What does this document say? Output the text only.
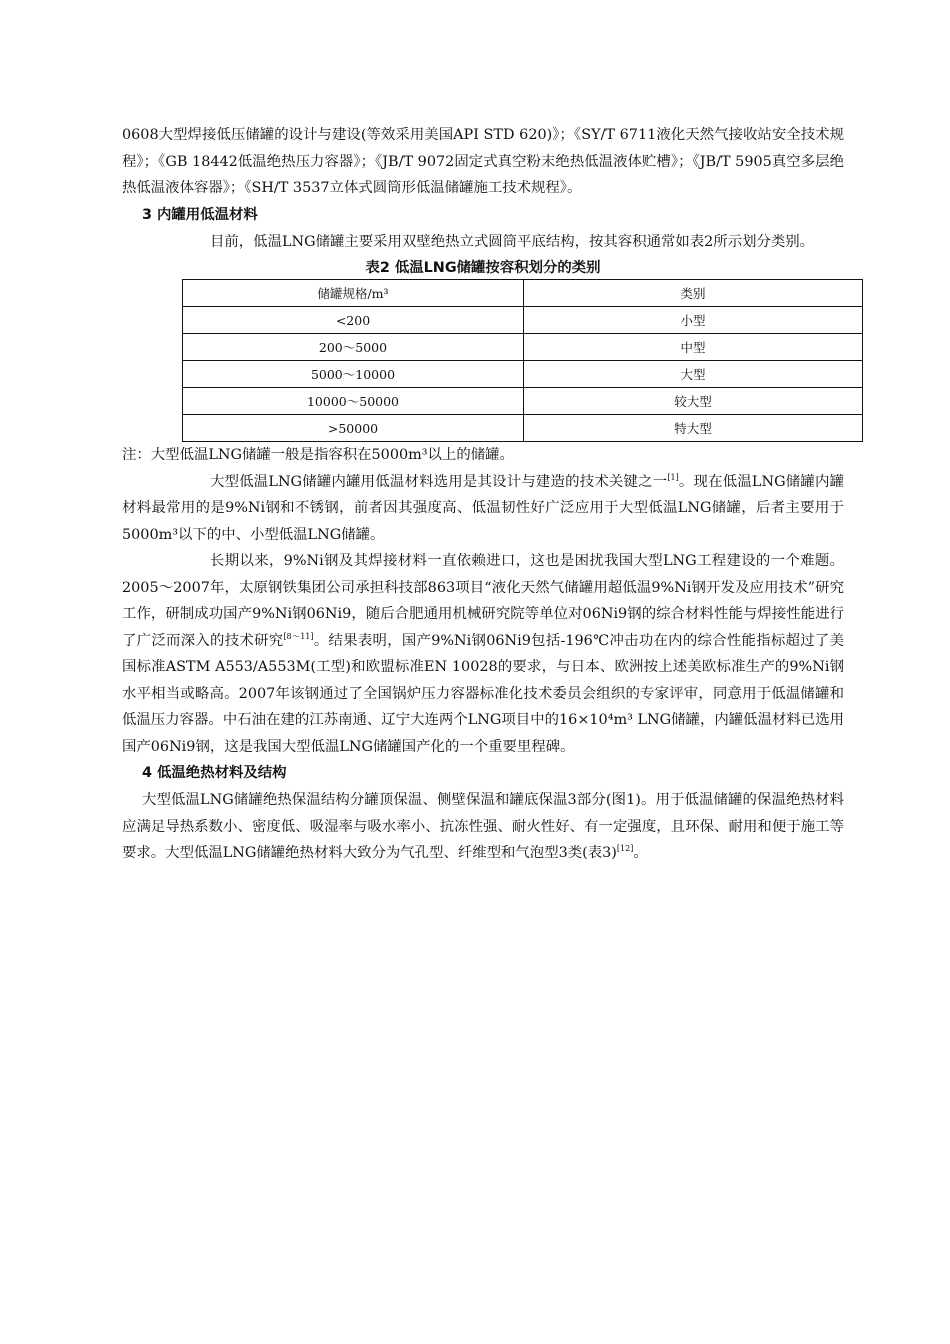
0608大型焊接低压储罐的设计与建设(等效采用美国API STD 620)》；《SY/T 6711液化天然气接收站安全技术规程》；《GB 18442低温绝热压力容器》；《JB/T 9072固定式真空粉末绝热低温液体贮槽》；《JB/T 5905真空多层绝热低温液体容器》；《SH/T 3537立体式圆筒形低温储罐施工技术规程》。

3 内罐用低温材料

目前，低温LNG储罐主要采用双壁绝热立式圆筒平底结构，按其容积通常如表2所示划分类别。

表2 低温LNG储罐按容积划分的类别
储罐规格/m³	类别
<200	小型
200～5000	中型
5000～10000	大型
10000～50000	较大型
>50000	特大型

注：大型低温LNG储罐一般是指容积在5000m³以上的储罐。

大型低温LNG储罐内罐用低温材料选用是其设计与建造的技术关键之一[1]。现在低温LNG储罐内罐材料最常用的是9%Ni钢和不锈钢，前者因其强度高、低温韧性好广泛应用于大型低温LNG储罐，后者主要用于5000m³以下的中、小型低温LNG储罐。

长期以来，9%Ni钢及其焊接材料一直依赖进口，这也是困扰我国大型LNG工程建设的一个难题。2005～2007年，太原钢铁集团公司承担科技部863项目“液化天然气储罐用超低温9%Ni钢开发及应用技术”研究工作，研制成功国产9%Ni钢06Ni9，随后合肥通用机械研究院等单位对06Ni9钢的综合材料性能与焊接性能进行了广泛而深入的技术研究[8～11]。结果表明，国产9%Ni钢06Ni9包括-196℃冲击功在内的综合性能指标超过了美国标准ASTM A553/A553M(工型)和欧盟标准EN 10028的要求，与日本、欧洲按上述美欧标准生产的9%Ni钢水平相当或略高。2007年该钢通过了全国锅炉压力容器标准化技术委员会组织的专家评审，同意用于低温储罐和低温压力容器。中石油在建的江苏南通、辽宁大连两个LNG项目中的16×10⁴m³ LNG储罐，内罐低温材料已选用国产06Ni9钢，这是我国大型低温LNG储罐国产化的一个重要里程碑。

4 低温绝热材料及结构

大型低温LNG储罐绝热保温结构分罐顶保温、侧壁保温和罐底保温3部分(图1)。用于低温储罐的保温绝热材料应满足导热系数小、密度低、吸湿率与吸水率小、抗冻性强、耐火性好、有一定强度，且环保、耐用和便于施工等要求。大型低温LNG储罐绝热材料大致分为气孔型、纤维型和气泡型3类(表3)[12]。
